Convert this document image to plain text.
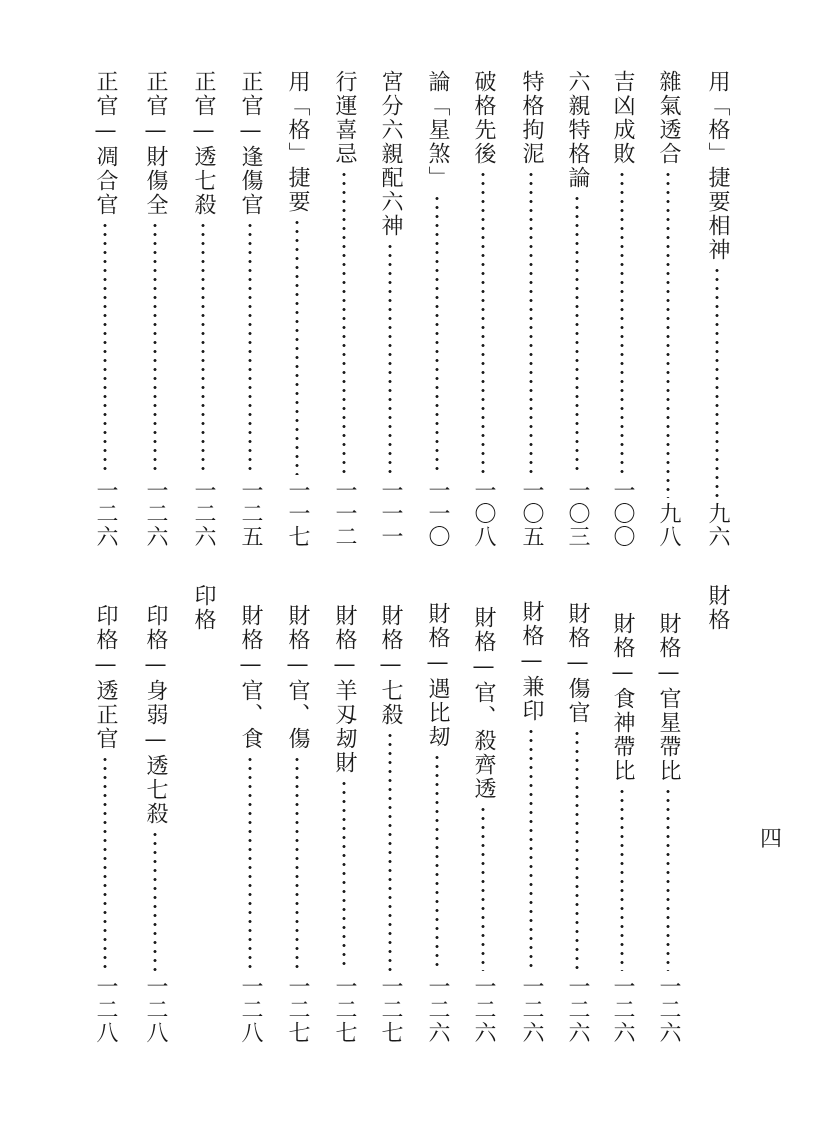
用「格」捷要相神
九六
雜氣透合
九八
吉凶成敗
一〇〇
六親特格論
一〇三
特格拘泥
一〇五
破格先後
一〇八
論「星煞」
一一〇
宮分六親配六神
一一一
行運喜忌
一一二
用「格」捷要
一一七
正官—逢傷官
一二五
正官—透七殺
一二六
正官—財傷全
一二六
正官—凋合官
一二六
財格
財格—官星帶比
一二六
財格—食神帶比
一二六
財格—傷官
一二六
財格—兼印
一二六
財格—官、殺齊透
一二六
財格—遇比刼
一二六
財格—七殺
一二七
財格—羊刄刼財
一二七
財格—官、傷
一二七
財格—官、食
一二八
印格
印格—身弱—透七殺
一二八
印格—透正官
一二八
四
